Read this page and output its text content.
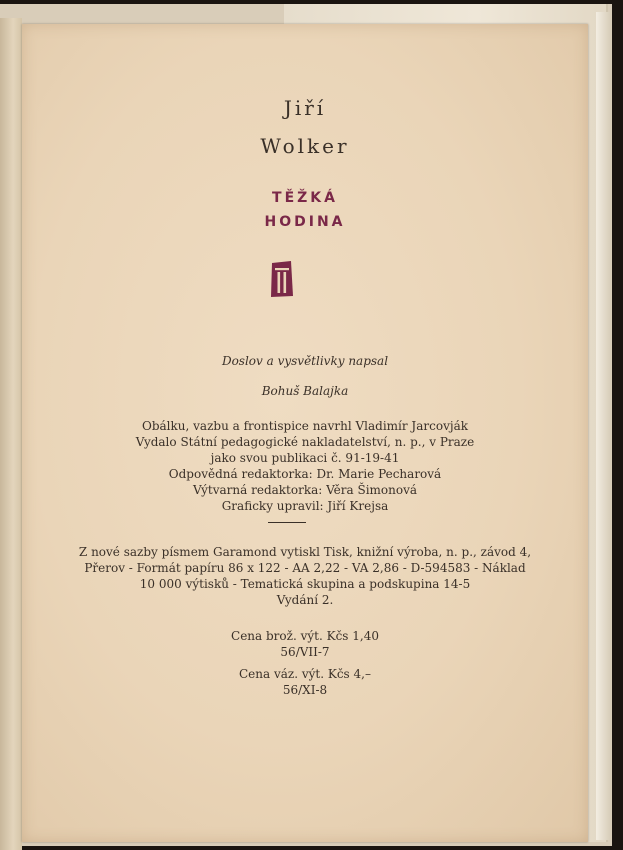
Jiří
Wolker
TĚŽKÁ
HODINA
Doslov a vysvětlivky napsal
Bohuš Balajka
Obálku, vazbu a frontispice navrhl Vladimír Jarcovják
Vydalo Státní pedagogické nakladatelství, n. p., v Praze
jako svou publikaci č. 91-19-41
Odpovědná redaktorka: Dr. Marie Pecharová
Výtvarná redaktorka: Věra Šimonová
Graficky upravil: Jiří Krejsa
Z nové sazby písmem Garamond vytiskl Tisk, knižní výroba, n. p., závod 4,
Přerov - Formát papíru 86 x 122 - AA 2,22 - VA 2,86 - D-594583 - Náklad
10 000 výtisků - Tematická skupina a podskupina 14-5
Vydání 2.
Cena brož. výt. Kčs 1,40
56/VII-7
Cena váz. výt. Kčs 4,–
56/XI-8
